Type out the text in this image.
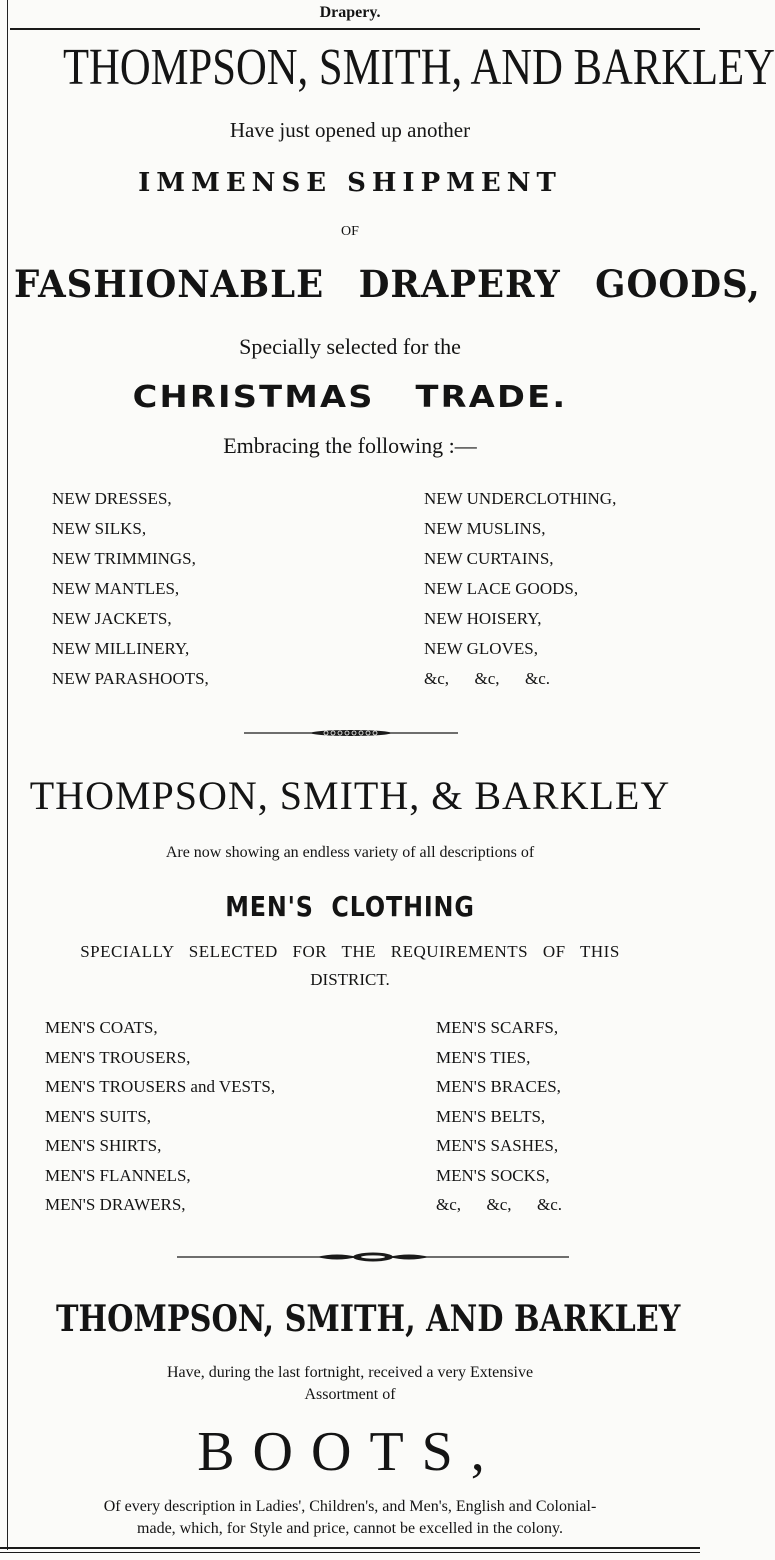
Drapery.
THOMPSON, SMITH, AND BARKLEY
Have just opened up another
IMMENSE SHIPMENT
OF
FASHIONABLE DRAPERY GOODS,
Specially selected for the
CHRISTMAS TRADE.
Embracing the following :—
NEW DRESSES,
NEW SILKS,
NEW TRIMMINGS,
NEW MANTLES,
NEW JACKETS,
NEW MILLINERY,
NEW PARASHOOTS,
NEW UNDERCLOTHING,
NEW MUSLINS,
NEW CURTAINS,
NEW LACE GOODS,
NEW HOISERY,
NEW GLOVES,
&c,      &c,      &c.
THOMPSON, SMITH, & BARKLEY
Are now showing an endless variety of all descriptions of
MEN'S CLOTHING
SPECIALLY SELECTED FOR THE REQUIREMENTS OF THIS
DISTRICT.
MEN'S COATS,
MEN'S TROUSERS,
MEN'S TROUSERS and VESTS,
MEN'S SUITS,
MEN'S SHIRTS,
MEN'S FLANNELS,
MEN'S DRAWERS,
MEN'S SCARFS,
MEN'S TIES,
MEN'S BRACES,
MEN'S BELTS,
MEN'S SASHES,
MEN'S SOCKS,
&c,      &c,      &c.
THOMPSON, SMITH, AND BARKLEY
Have, during the last fortnight, received a very Extensive
Assortment of
BOOTS,
Of every description in Ladies', Children's, and Men's, English and Colonial-
made, which, for Style and price, cannot be excelled in the colony.
